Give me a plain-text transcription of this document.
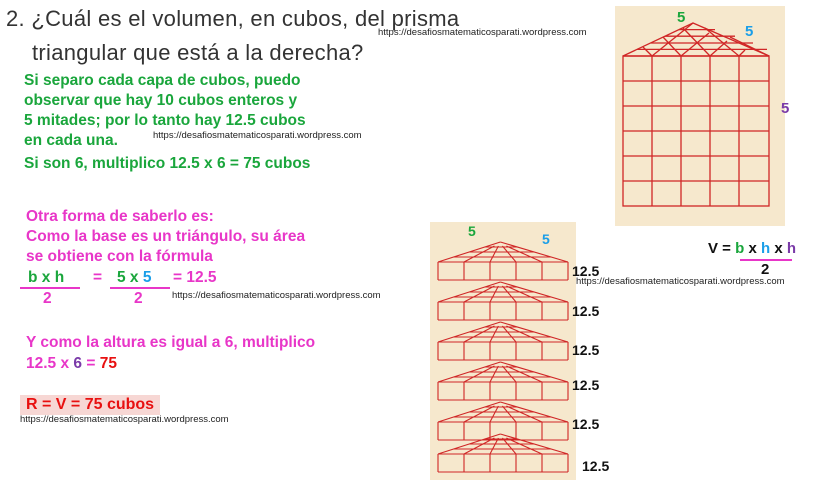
2. ¿Cuál es el volumen, en cubos, del prisma
triangular que está a la derecha?
https://desafiosmatematicosparati.wordpress.com
Si separo cada capa de cubos, puedo
observar que hay 10 cubos enteros y
5 mitades; por lo tanto hay 12.5 cubos
en cada una.	https://desafiosmatematicosparati.wordpress.com
Si son 6, multiplico 12.5 x 6 = 75 cubos
Otra forma de saberlo es:
Como la base es un triángulo, su área
se obtiene con la fórmula
b x h
2
= 5 x 5
2
= 12.5
https://desafiosmatematicosparati.wordpress.com
Y como la altura es igual a 6, multiplico
12.5 x 6 = 75
R = V = 75 cubos
https://desafiosmatematicosparati.wordpress.com
5
5
5
V = b x h x h
2
https://desafiosmatematicosparati.wordpress.com
5	5
12.5
12.5
12.5
12.5
12.5
12.5
